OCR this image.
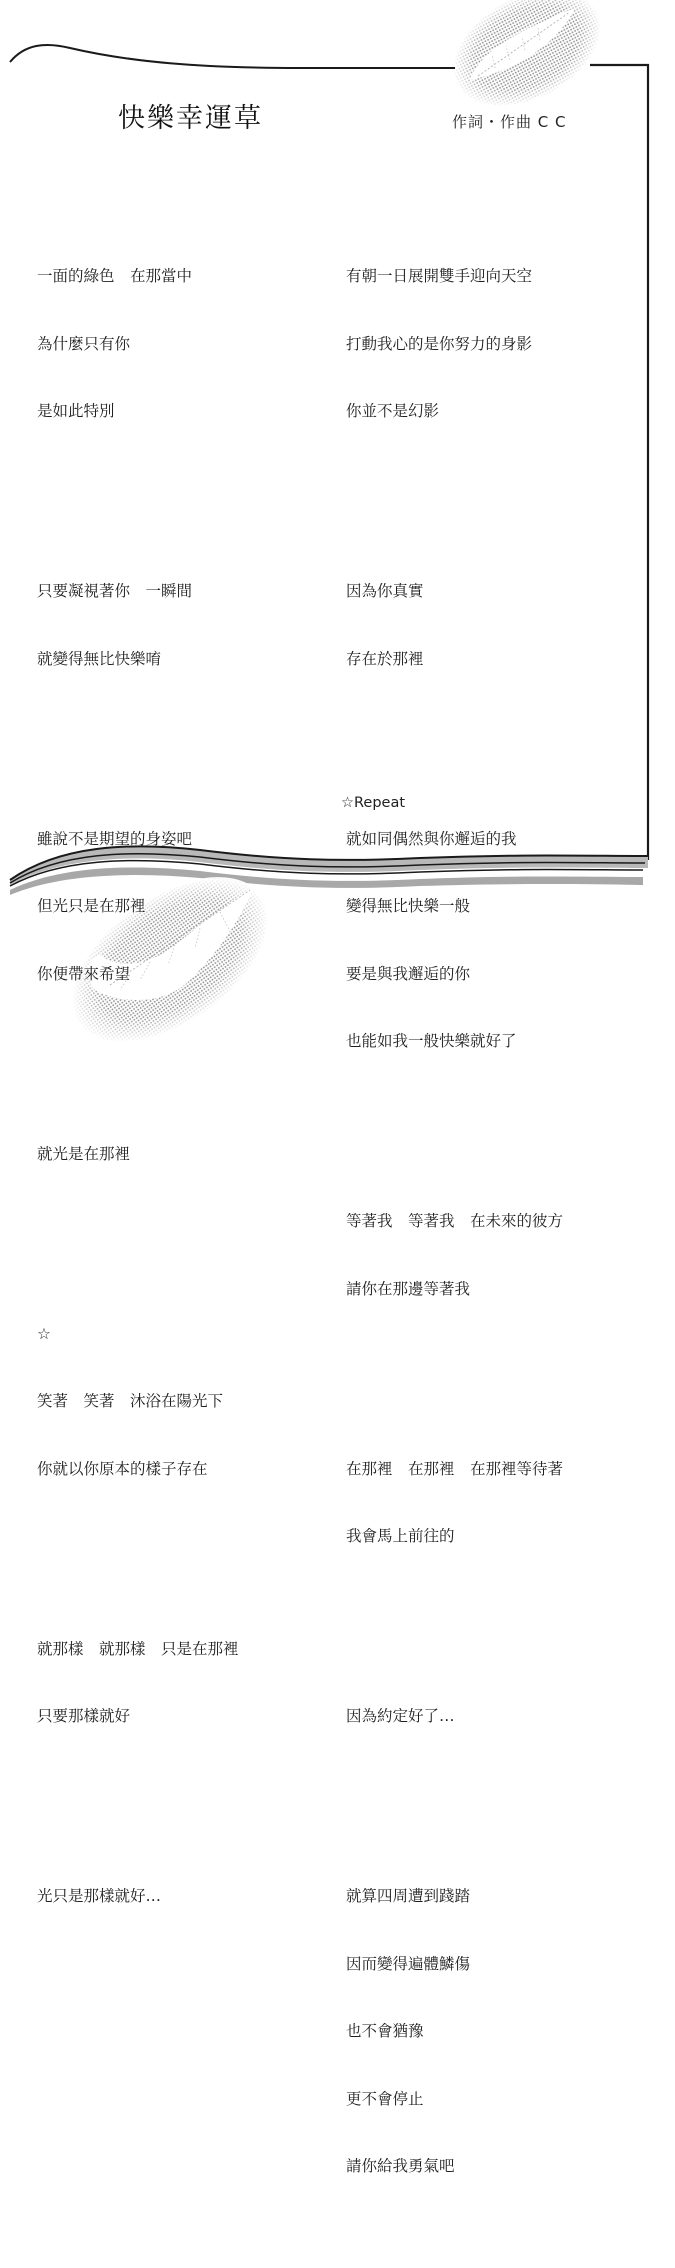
快樂幸運草	作詞・作曲 C C

一面的綠色　在那當中

為什麼只有你

是如此特別

只要凝視著你　一瞬間

就變得無比快樂唷

雖說不是期望的身姿吧

但光只是在那裡

你便帶來希望

就光是在那裡

☆

笑著　笑著　沐浴在陽光下

你就以你原本的樣子存在

就那樣　就那樣　只是在那裡

只要那樣就好

光只是那樣就好…

有朝一日展開雙手迎向天空

打動我心的是你努力的身影

你並不是幻影

因為你真實

存在於那裡

就如同偶然與你邂逅的我

變得無比快樂一般

要是與我邂逅的你

也能如我一般快樂就好了

等著我　等著我　在未來的彼方

請你在那邊等著我

在那裡　在那裡　在那裡等待著

我會馬上前往的

因為約定好了…

就算四周遭到踐踏

因而變得遍體鱗傷

也不會猶豫

更不會停止

請你給我勇氣吧

☆Repeat
